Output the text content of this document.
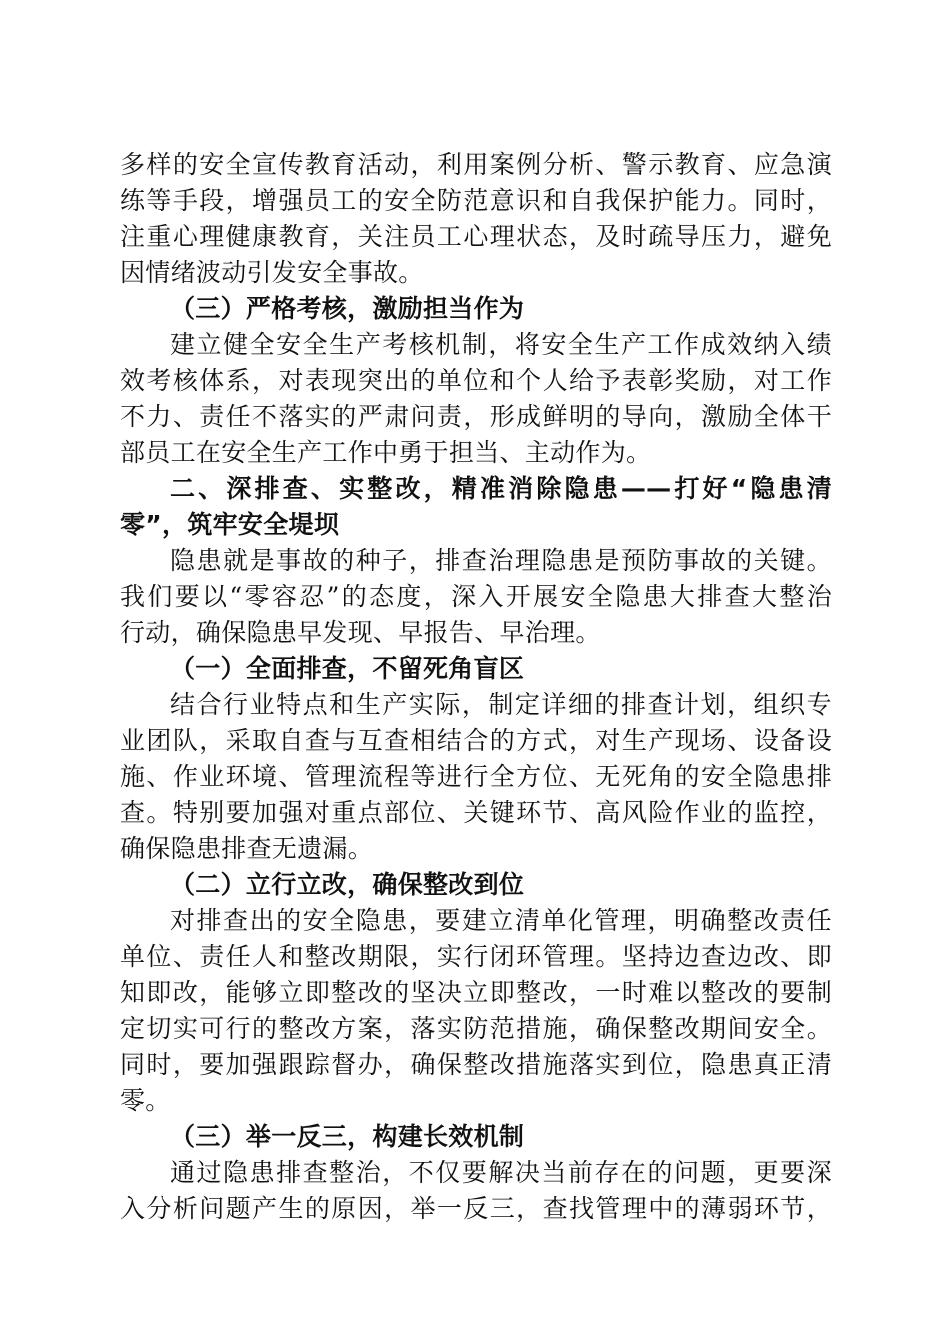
多样的安全宣传教育活动，利用案例分析、警示教育、应急演
练等手段，增强员工的安全防范意识和自我保护能力。同时，
注重心理健康教育，关注员工心理状态，及时疏导压力，避免
因情绪波动引发安全事故。
（三）严格考核，激励担当作为
建立健全安全生产考核机制，将安全生产工作成效纳入绩
效考核体系，对表现突出的单位和个人给予表彰奖励，对工作
不力、责任不落实的严肃问责，形成鲜明的导向，激励全体干
部员工在安全生产工作中勇于担当、主动作为。
二、深排查、实整改，精准消除隐患——打好“隐患清
零”，筑牢安全堤坝
隐患就是事故的种子，排查治理隐患是预防事故的关键。
我们要以“零容忍”的态度，深入开展安全隐患大排查大整治
行动，确保隐患早发现、早报告、早治理。
（一）全面排查，不留死角盲区
结合行业特点和生产实际，制定详细的排查计划，组织专
业团队，采取自查与互查相结合的方式，对生产现场、设备设
施、作业环境、管理流程等进行全方位、无死角的安全隐患排
查。特别要加强对重点部位、关键环节、高风险作业的监控，
确保隐患排查无遗漏。
（二）立行立改，确保整改到位
对排查出的安全隐患，要建立清单化管理，明确整改责任
单位、责任人和整改期限，实行闭环管理。坚持边查边改、即
知即改，能够立即整改的坚决立即整改，一时难以整改的要制
定切实可行的整改方案，落实防范措施，确保整改期间安全。
同时，要加强跟踪督办，确保整改措施落实到位，隐患真正清
零。
（三）举一反三，构建长效机制
通过隐患排查整治，不仅要解决当前存在的问题，更要深
入分析问题产生的原因，举一反三，查找管理中的薄弱环节，
